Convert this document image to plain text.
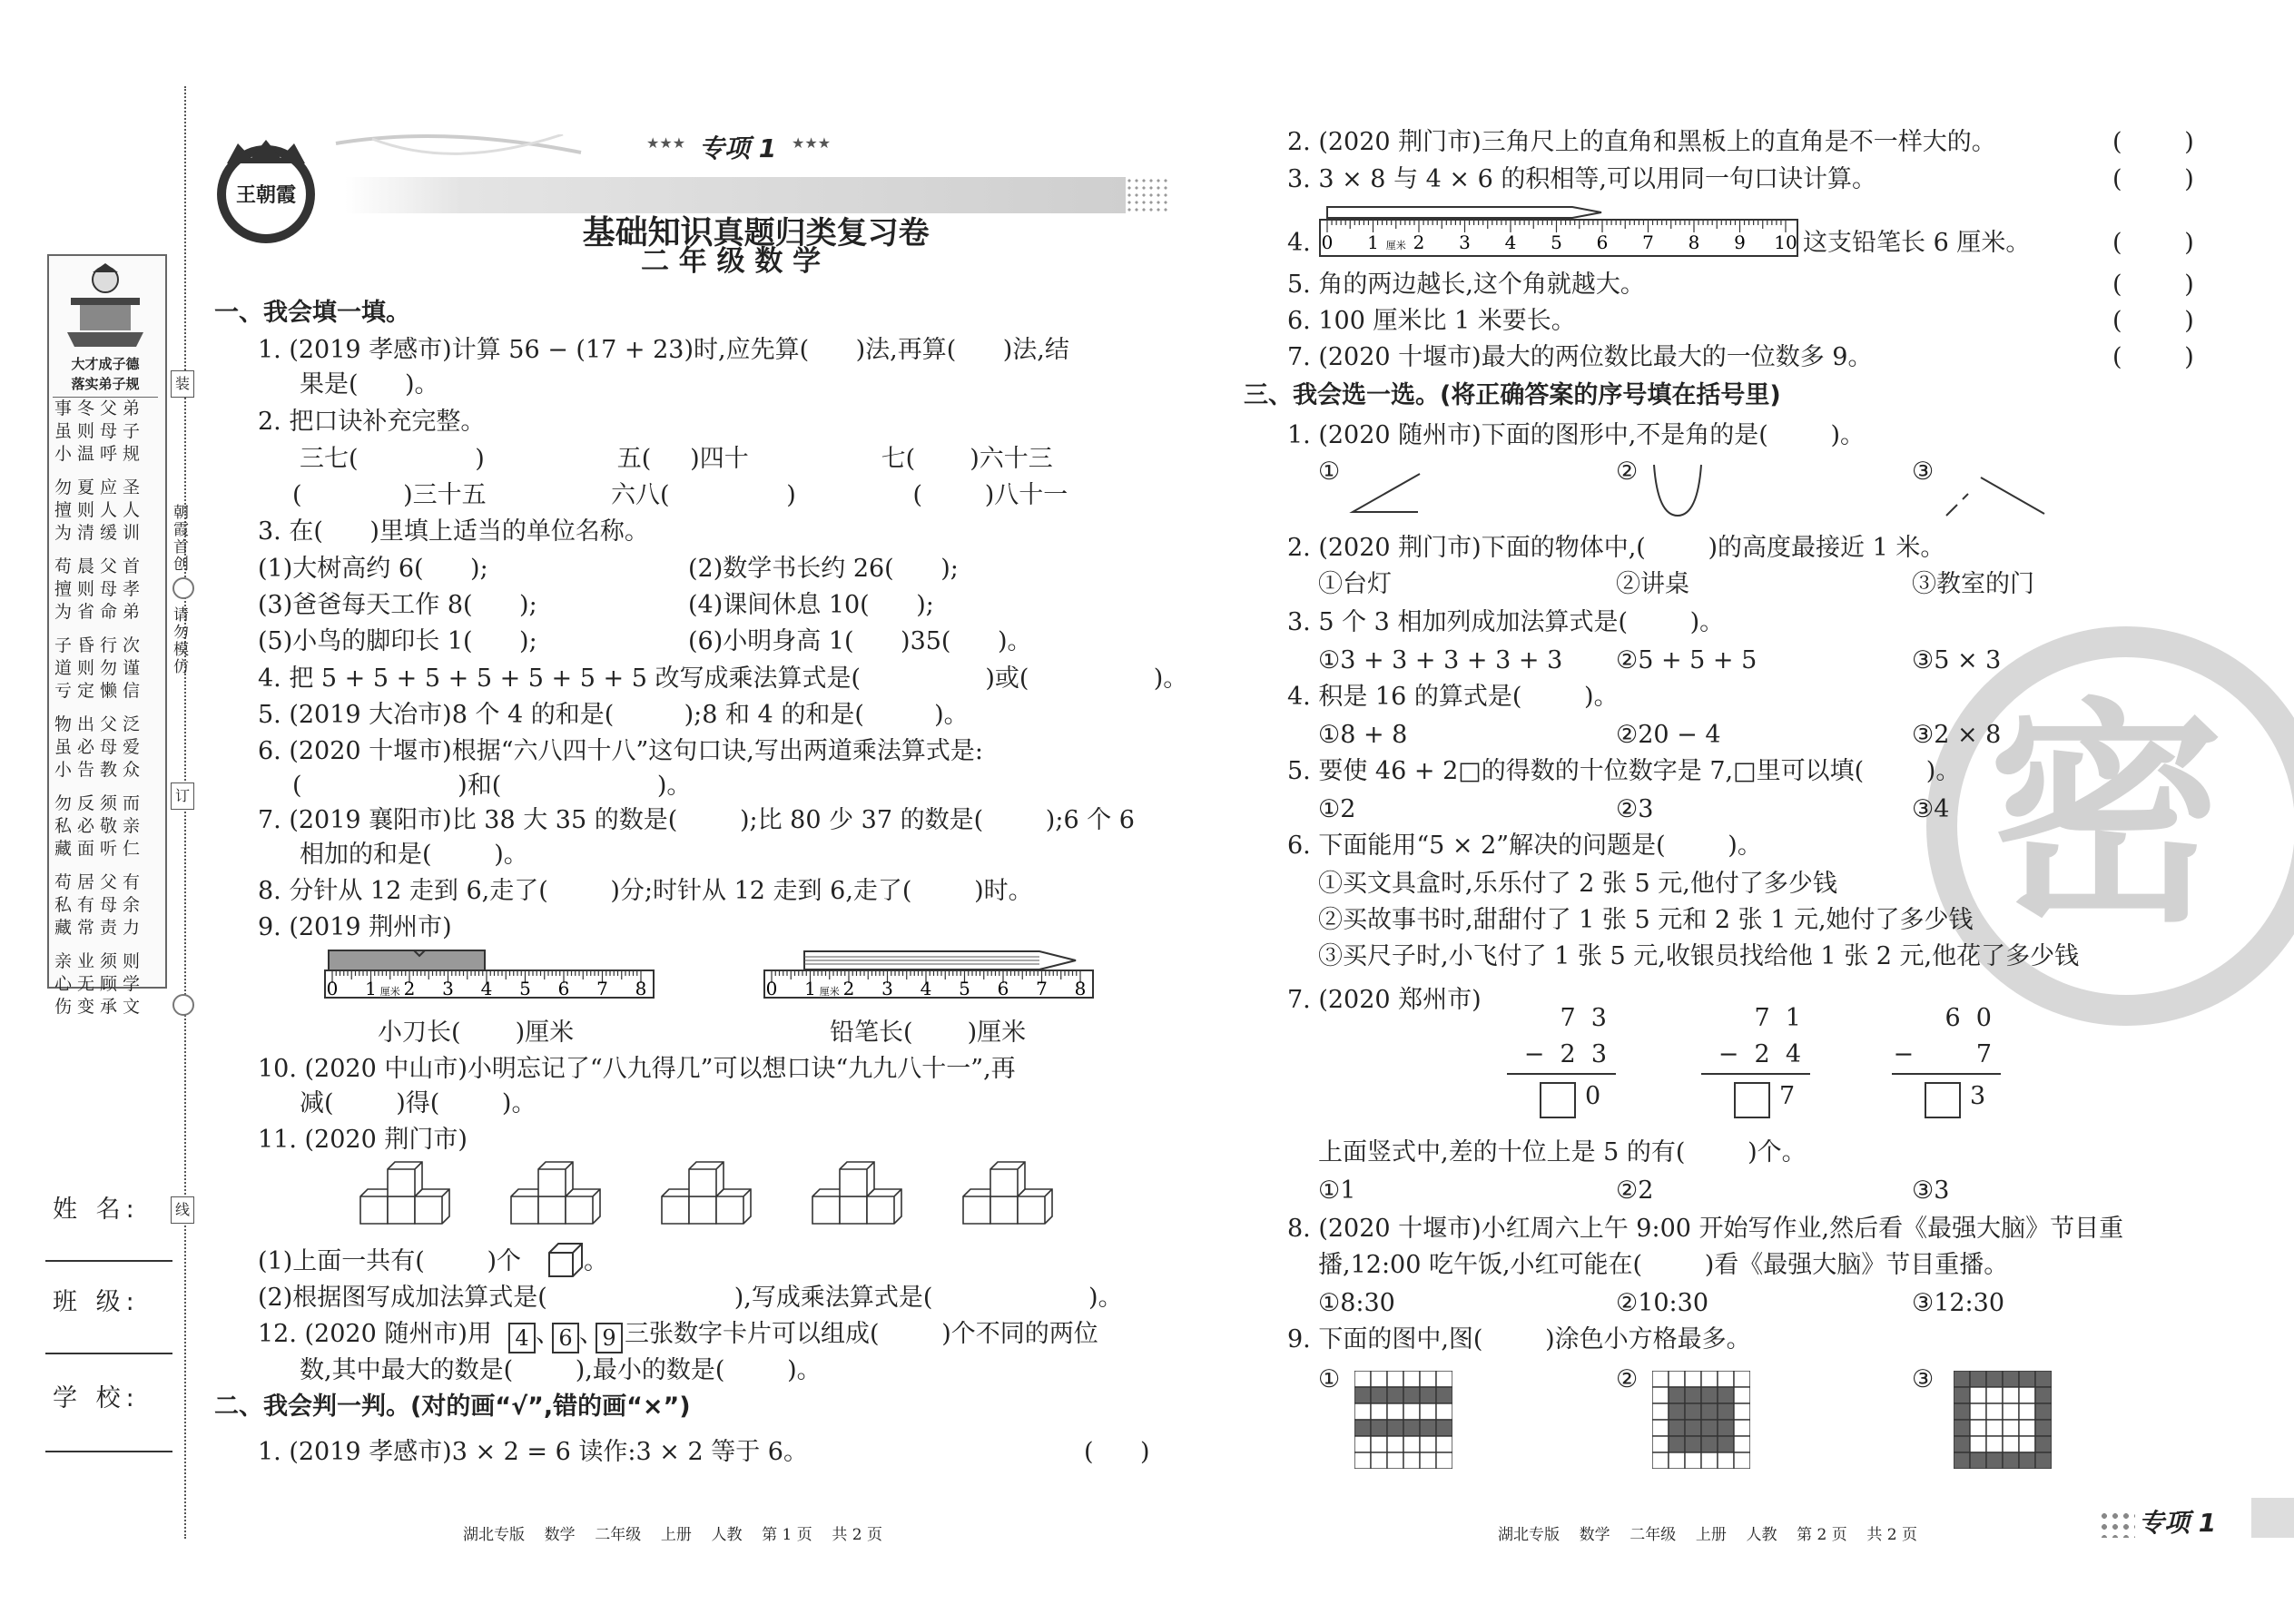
大才成子德
落实弟子规
事冬父弟
虽则母子
小温呼规
勿夏应圣
擅则人人
为清缓训
苟晨父首
擅则母孝
为省命弟
子昏行次
道则勿谨
亏定懒信
物出父泛
虽必母爱
小告教众
勿反须而
私必敬亲
藏面听仁
苟居父有
私有母余
藏常责力
亲业须则
心无顾学
伤变承文
装
朝霞首创
请勿模仿
订
线
姓 名:
班 级:
学 校:
王朝霞
★★★ 专项 1 ★★★

基础知识真题归类复习卷

二 年 级 数 学
一、我会填一填。
1. (2019 孝感市)计算 56 − (17 + 23)时,应先算(      )法,再算(      )法,结
果是(      )。
2. 把口诀补充完整。
三七(               )                 五(     )四十                 七(       )六十三
(             )三十五                六八(               )               (        )八十一
3. 在(      )里填上适当的单位名称。
(1)大树高约 6(      );	(2)数学书长约 26(      );
(3)爸爸每天工作 8(      );	(4)课间休息 10(      );
(5)小鸟的脚印长 1(      );	(6)小明身高 1(      )35(      )。
4. 把 5 + 5 + 5 + 5 + 5 + 5 + 5 改写成乘法算式是(                )或(                )。
5. (2019 大冶市)8 个 4 的和是(         );8 和 4 的和是(         )。
6. (2020 十堰市)根据“六八四十八”这句口诀,写出两道乘法算式是:
(                    )和(                    )。
7. (2019 襄阳市)比 38 大 35 的数是(        );比 80 少 37 的数是(        );6 个 6
相加的和是(        )。
8. 分针从 12 走到 6,走了(        )分;时针从 12 走到 6,走了(        )时。
9. (2019 荆州市)
0 1 2 3 4 5 6 7 8
厘米	0 1 2 3 4 5 6 7 8
厘米
小刀长(       )厘米	铅笔长(       )厘米
10. (2020 中山市)小明忘记了“八九得几”可以想口诀“九九八十一”,再
减(        )得(        )。
11. (2020 荆门市)
(1)上面一共有(        )个	。
(2)根据图写成加法算式是(                        ),写成乘法算式是(                    )。
12. (2020 随州市)用	4 、
6 、
9 三张数字卡片可以组成(        )个不同的两位
数,其中最大的数是(        ),最小的数是(        )。
二、我会判一判。(对的画“√”,错的画“×”)
1. (2019 孝感市)3 × 2 = 6 读作:3 × 2 等于 6。	(      )
湖北专版    数学    二年级    上册    人教    第 1 页    共 2 页
密
2. (2020 荆门市)三角尺上的直角和黑板上的直角是不一样大的。	(        )
3. 3 × 8 与 4 × 6 的积相等,可以用同一句口诀计算。	(        )
4. 0 1 2 3 4 5 6 7 8 9 10
厘米	这支铅笔长 6 厘米。	(        )
5. 角的两边越长,这个角就越大。	(        )
6. 100 厘米比 1 米要长。	(        )
7. (2020 十堰市)最大的两位数比最大的一位数多 9。	(        )
三、我会选一选。(将正确答案的序号填在括号里)
1. (2020 随州市)下面的图形中,不是角的是(        )。
①	②	③
2. (2020 荆门市)下面的物体中,(        )的高度最接近 1 米。
①台灯	②讲桌	③教室的门
3. 5 个 3 相加列成加法算式是(        )。
①3 + 3 + 3 + 3 + 3 ②5 + 5 + 5	③5 × 3
4. 积是 16 的算式是(        )。
①8 + 8	②20 − 4	③2 × 8
5. 要使 46 + 2□的得数的十位数字是 7,□里可以填(        )。
①2	②3	③4
6. 下面能用“5 × 2”解决的问题是(        )。
①买文具盒时,乐乐付了 2 张 5 元,他付了多少钱
②买故事书时,甜甜付了 1 张 5 元和 2 张 1 元,她付了多少钱
③买尺子时,小飞付了 1 张 5 元,收银员找给他 1 张 2 元,他花了多少钱
7. (2020 郑州市)
7  3
−  2  3
0
7  1
−  2  4
7
6  0
−        7
3
上面竖式中,差的十位上是 5 的有(        )个。
①1	②2	③3
8. (2020 十堰市)小红周六上午 9:00 开始写作业,然后看《最强大脑》节目重
播,12:00 吃午饭,小红可能在(        )看《最强大脑》节目重播。
①8:30	②10:30	③12:30
9. 下面的图中,图(        )涂色小方格最多。
①	②	③
湖北专版    数学    二年级    上册    人教    第 2 页    共 2 页	专项 1
